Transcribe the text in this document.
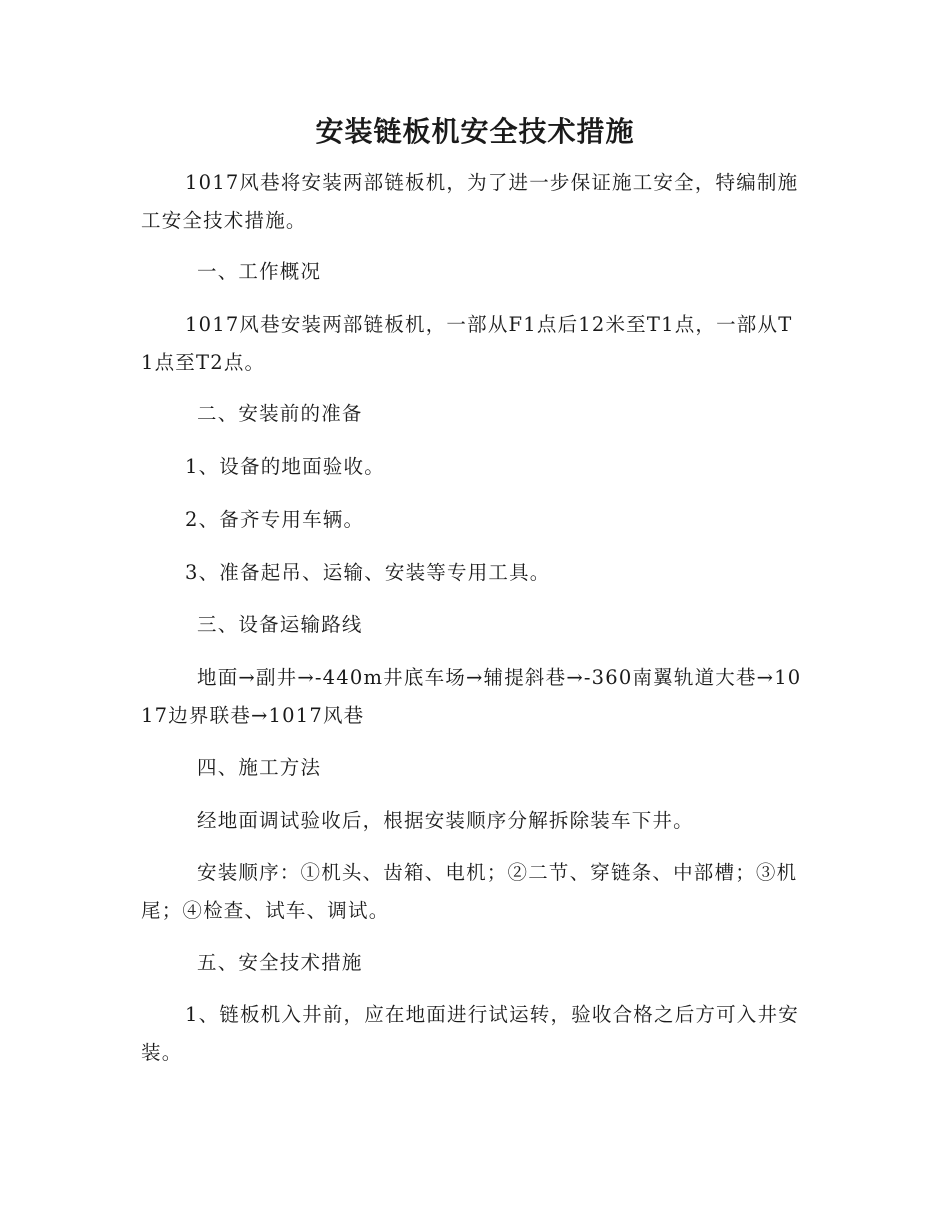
安装链板机安全技术措施

1017风巷将安装两部链板机，为了进一步保证施工安全，特编制施工安全技术措施。

一、工作概况

1017风巷安装两部链板机，一部从F1点后12米至T1点，一部从T1点至T2点。

二、安装前的准备

1、设备的地面验收。

2、备齐专用车辆。

3、准备起吊、运输、安装等专用工具。

三、设备运输路线

地面→副井→-440m井底车场→辅提斜巷→-360南翼轨道大巷→1017边界联巷→1017风巷

四、施工方法

经地面调试验收后，根据安装顺序分解拆除装车下井。

安装顺序：①机头、齿箱、电机；②二节、穿链条、中部槽；③机尾；④检查、试车、调试。

五、安全技术措施

1、链板机入井前，应在地面进行试运转，验收合格之后方可入井安装。
